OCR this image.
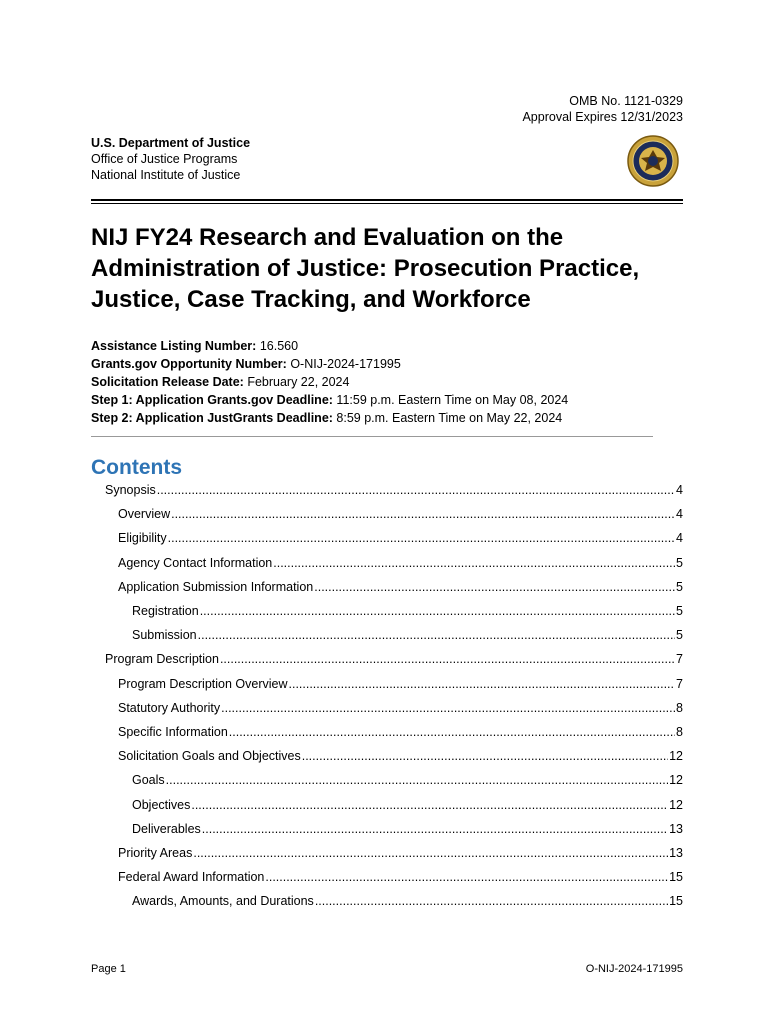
OMB No. 1121-0329
Approval Expires 12/31/2023
U.S. Department of Justice
Office of Justice Programs
National Institute of Justice
NIJ FY24 Research and Evaluation on the Administration of Justice: Prosecution Practice, Justice, Case Tracking, and Workforce
Assistance Listing Number: 16.560
Grants.gov Opportunity Number: O-NIJ-2024-171995
Solicitation Release Date: February 22, 2024
Step 1: Application Grants.gov Deadline: 11:59 p.m. Eastern Time on May 08, 2024
Step 2: Application JustGrants Deadline: 8:59 p.m. Eastern Time on May 22, 2024
Contents
Synopsis .....	4
Overview .....	4
Eligibility .....	4
Agency Contact Information .....	5
Application Submission Information .....	5
Registration .....	5
Submission .....	5
Program Description .....	7
Program Description Overview .....	7
Statutory Authority .....	8
Specific Information .....	8
Solicitation Goals and Objectives .....	12
Goals .....	12
Objectives .....	12
Deliverables .....	13
Priority Areas .....	13
Federal Award Information .....	15
Awards, Amounts, and Durations .....	15
Page 1	O-NIJ-2024-171995
